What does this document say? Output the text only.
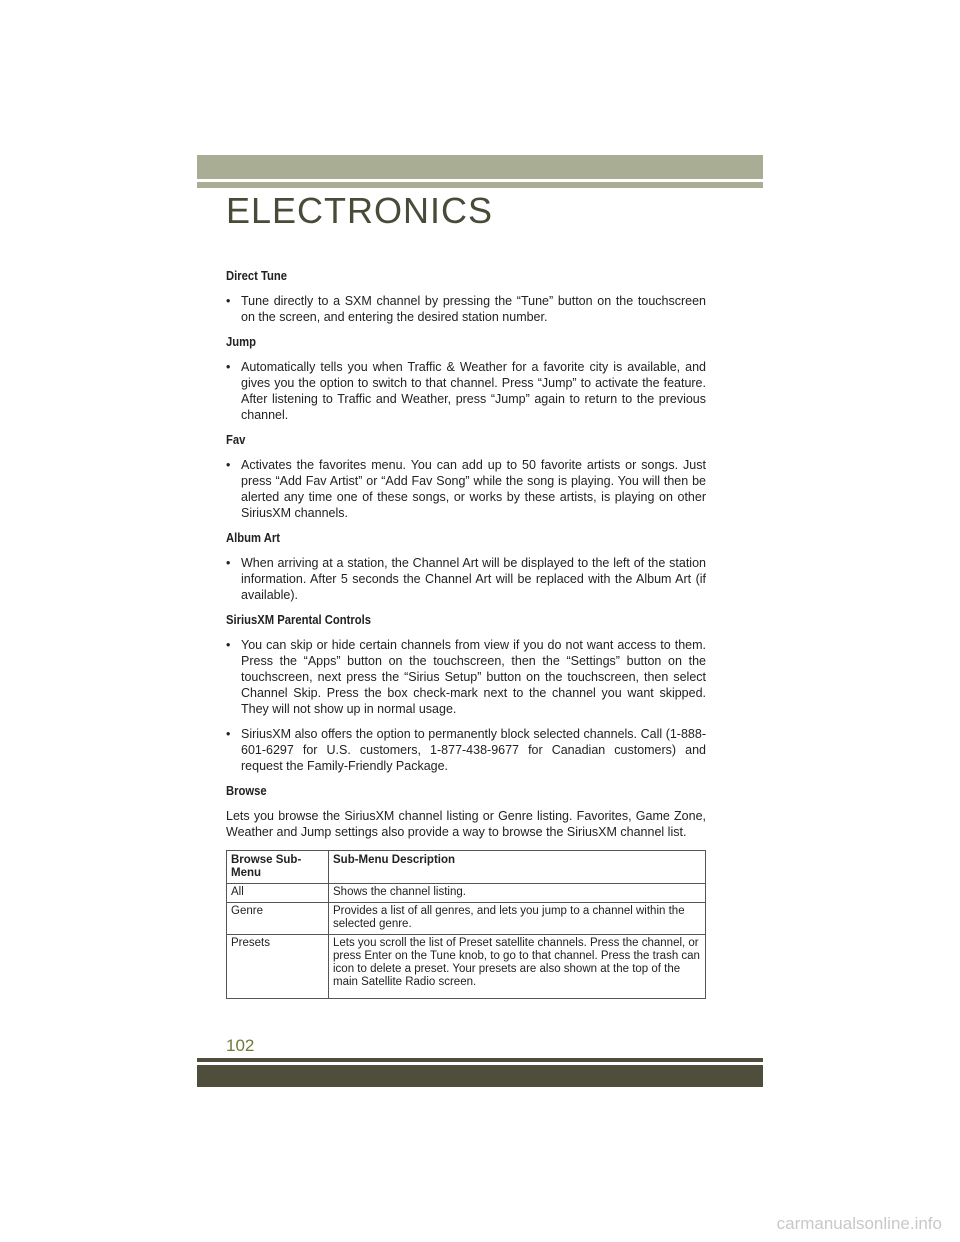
ELECTRONICS
Direct Tune
• Tune directly to a SXM channel by pressing the “Tune” button on the touchscreen on the screen, and entering the desired station number.
Jump
• Automatically tells you when Traffic & Weather for a favorite city is available, and gives you the option to switch to that channel. Press “Jump” to activate the feature. After listening to Traffic and Weather, press “Jump” again to return to the previous channel.
Fav
• Activates the favorites menu. You can add up to 50 favorite artists or songs. Just press “Add Fav Artist” or “Add Fav Song” while the song is playing. You will then be alerted any time one of these songs, or works by these artists, is playing on other SiriusXM channels.
Album Art
• When arriving at a station, the Channel Art will be displayed to the left of the station information. After 5 seconds the Channel Art will be replaced with the Album Art (if available).
SiriusXM Parental Controls
• You can skip or hide certain channels from view if you do not want access to them. Press the “Apps” button on the touchscreen, then the “Settings” button on the touchscreen, next press the “Sirius Setup” button on the touchscreen, then select Channel Skip. Press the box check-mark next to the channel you want skipped. They will not show up in normal usage.
• SiriusXM also offers the option to permanently block selected channels. Call (1-888-601-6297 for U.S. customers, 1-877-438-9677 for Canadian customers) and request the Family-Friendly Package.
Browse
Lets you browse the SiriusXM channel listing or Genre listing. Favorites, Game Zone, Weather and Jump settings also provide a way to browse the SiriusXM channel list.
Browse Sub-Menu	Sub-Menu Description
All	Shows the channel listing.
Genre	Provides a list of all genres, and lets you jump to a channel within the selected genre.
Presets	Lets you scroll the list of Preset satellite channels. Press the channel, or press Enter on the Tune knob, to go to that channel. Press the trash can icon to delete a preset. Your presets are also shown at the top of the main Satellite Radio screen.
102
carmanualsonline.info
